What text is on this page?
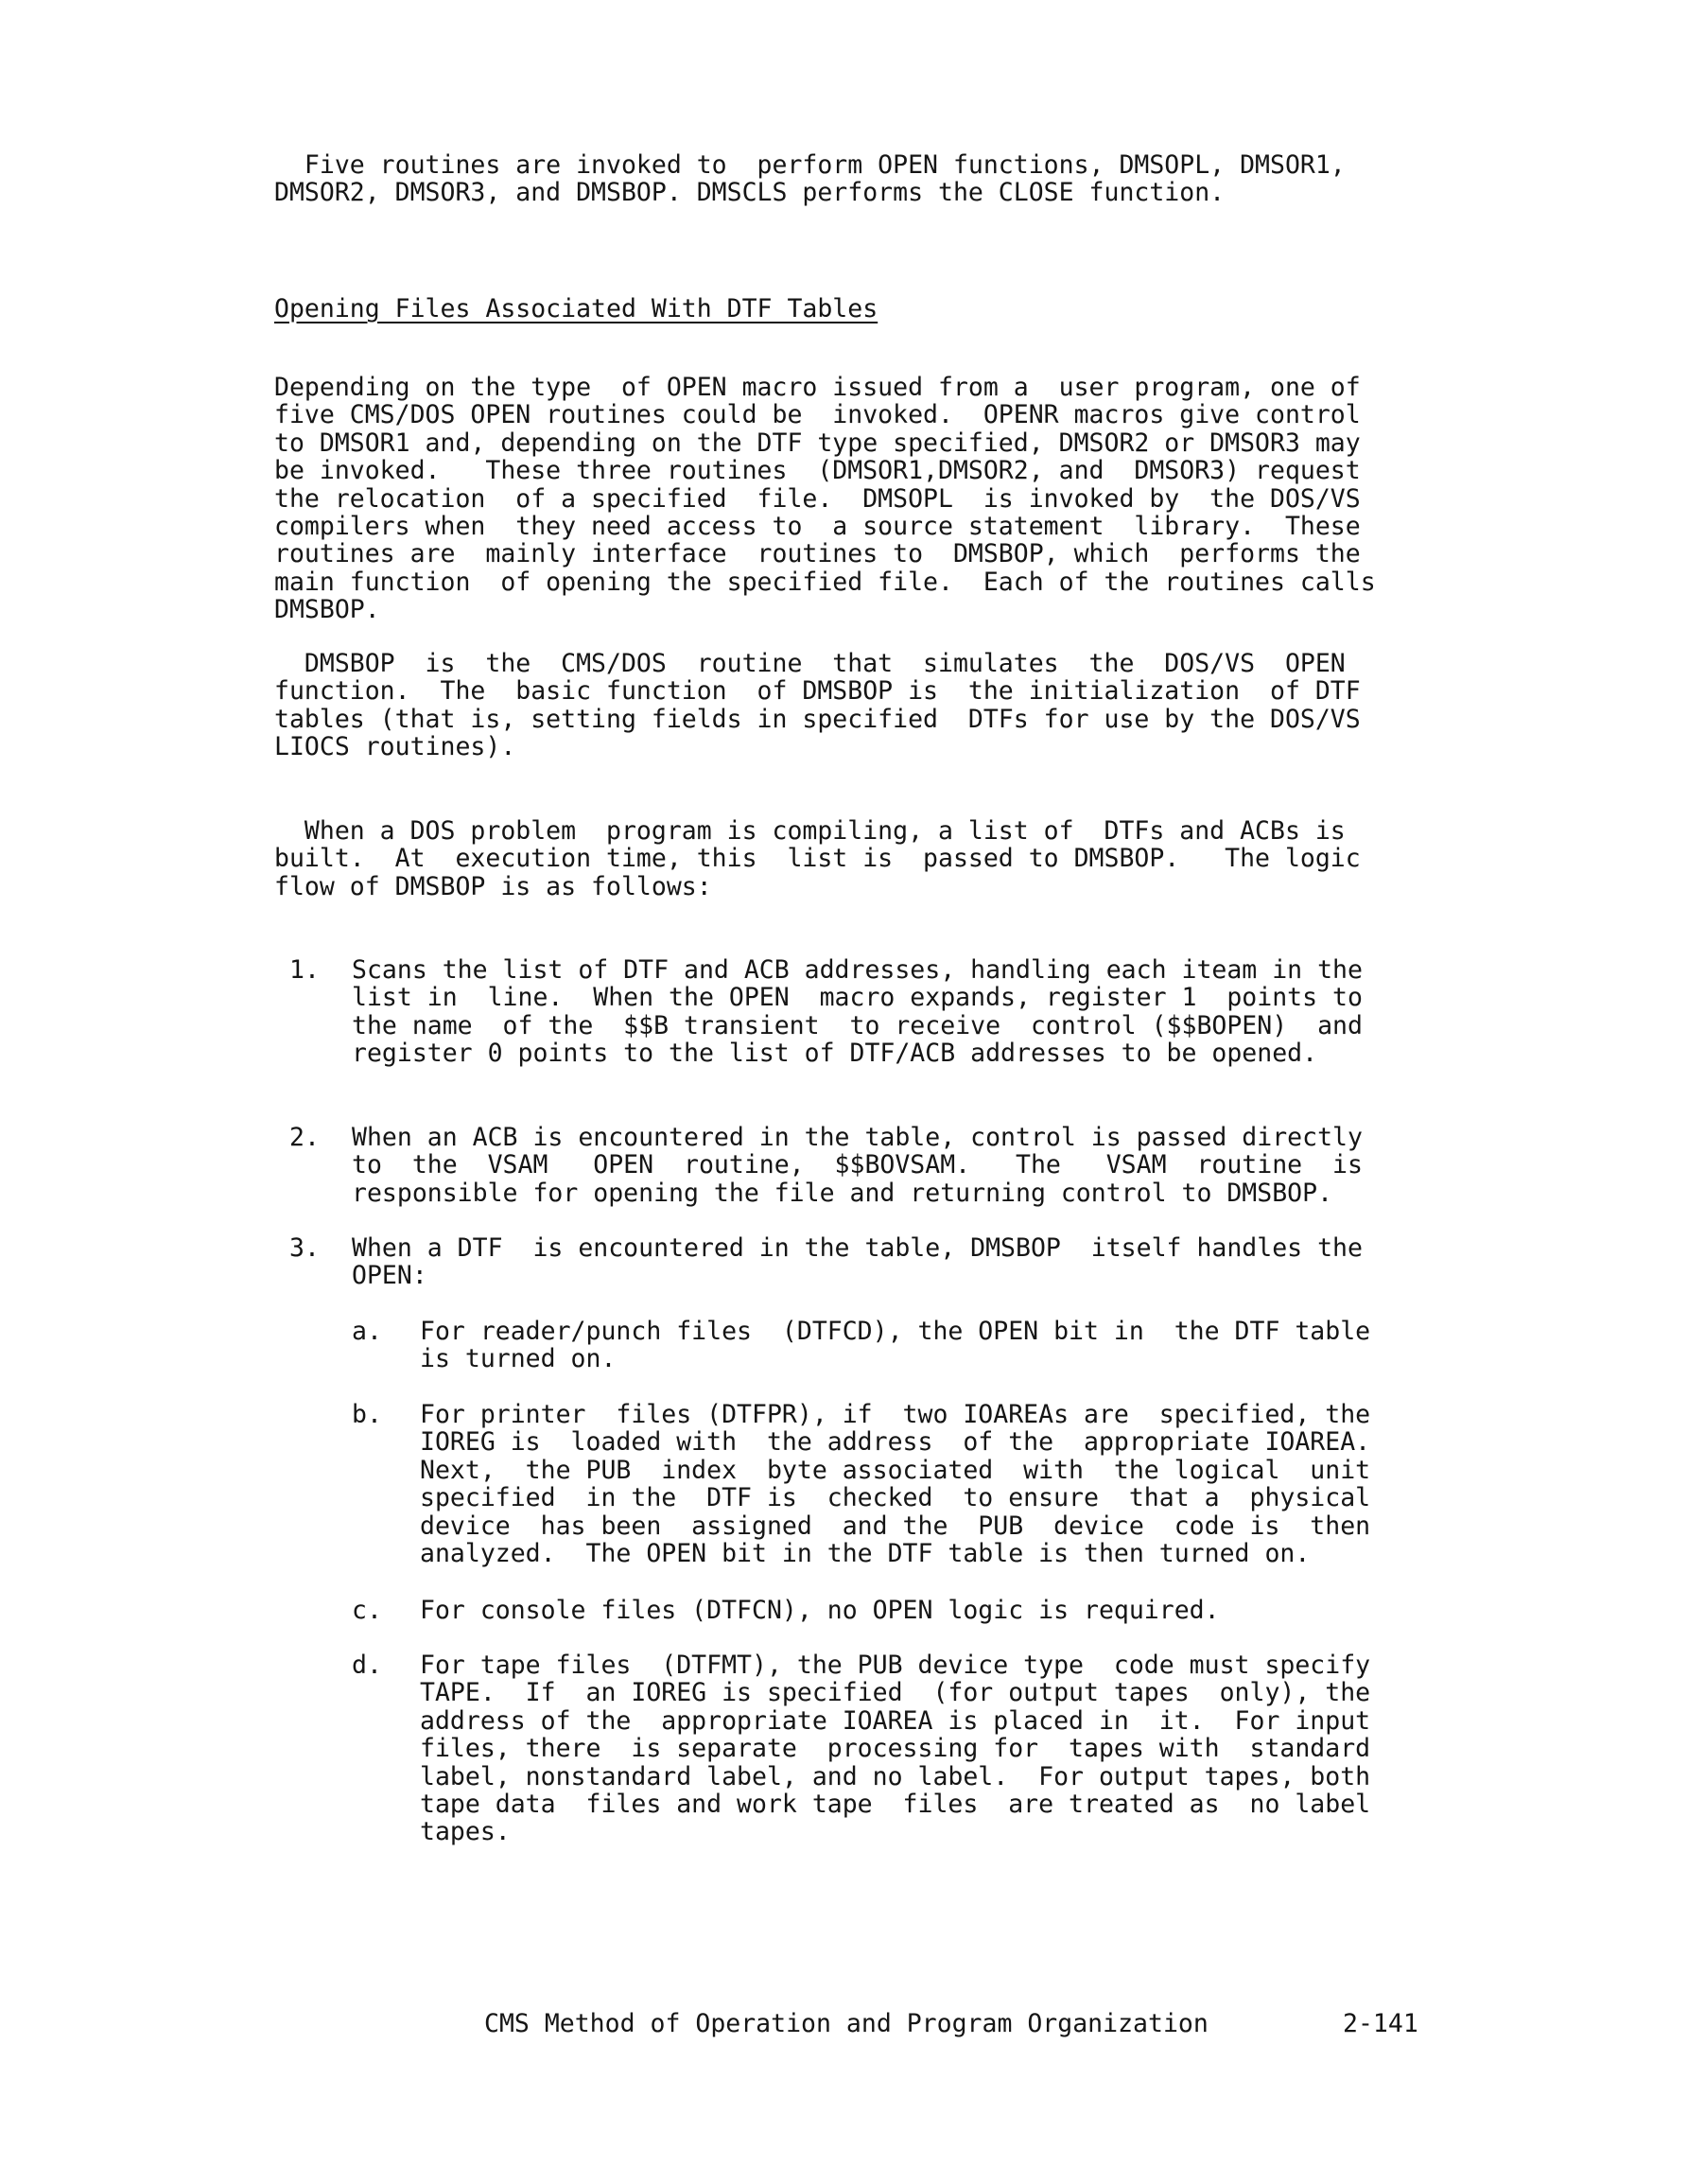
Five routines are invoked to  perform OPEN functions, DMSOPL, DMSOR1,
DMSOR2, DMSOR3, and DMSBOP. DMSCLS performs the CLOSE function.
Opening Files Associated With DTF Tables
Depending on the type  of OPEN macro issued from a  user program, one of
five CMS/DOS OPEN routines could be  invoked.  OPENR macros give control
to DMSOR1 and, depending on the DTF type specified, DMSOR2 or DMSOR3 may
be invoked.   These three routines  (DMSOR1,DMSOR2, and  DMSOR3) request
the relocation  of a specified  file.  DMSOPL  is invoked by  the DOS/VS
compilers when  they need access to  a source statement  library.  These
routines are  mainly interface  routines to  DMSBOP, which  performs the
main function  of opening the specified file.  Each of the routines calls
DMSBOP.
DMSBOP  is  the  CMS/DOS  routine  that  simulates  the  DOS/VS  OPEN
function.  The  basic function  of DMSBOP is  the initialization  of DTF
tables (that is, setting fields in specified  DTFs for use by the DOS/VS
LIOCS routines).
When a DOS problem  program is compiling, a list of  DTFs and ACBs is
built.  At  execution time, this  list is  passed to DMSBOP.   The logic
flow of DMSBOP is as follows:
1. Scans the list of DTF and ACB addresses, handling each iteam in the
list in  line.  When the OPEN  macro expands, register 1  points to
the name  of the  $$B transient  to receive  control ($$BOPEN)  and
register 0 points to the list of DTF/ACB addresses to be opened.
2. When an ACB is encountered in the table, control is passed directly
to  the  VSAM   OPEN  routine,  $$BOVSAM.   The   VSAM  routine  is
responsible for opening the file and returning control to DMSBOP.
3. When a DTF  is encountered in the table, DMSBOP  itself handles the
OPEN:
a. For reader/punch files  (DTFCD), the OPEN bit in  the DTF table
is turned on.
b. For printer  files (DTFPR), if  two IOAREAs are  specified, the
IOREG is  loaded with  the address  of the  appropriate IOAREA.
Next,  the PUB  index  byte associated  with  the logical  unit
specified  in the  DTF is  checked  to ensure  that a  physical
device  has been  assigned  and the  PUB  device  code is  then
analyzed.  The OPEN bit in the DTF table is then turned on.
c. For console files (DTFCN), no OPEN logic is required.
d. For tape files  (DTFMT), the PUB device type  code must specify
TAPE.  If  an IOREG is specified  (for output tapes  only), the
address of the  appropriate IOAREA is placed in  it.  For input
files, there  is separate  processing for  tapes with  standard
label, nonstandard label, and no label.  For output tapes, both
tape data  files and work tape  files  are treated as  no label
tapes.
CMS Method of Operation and Program Organization	2-141
